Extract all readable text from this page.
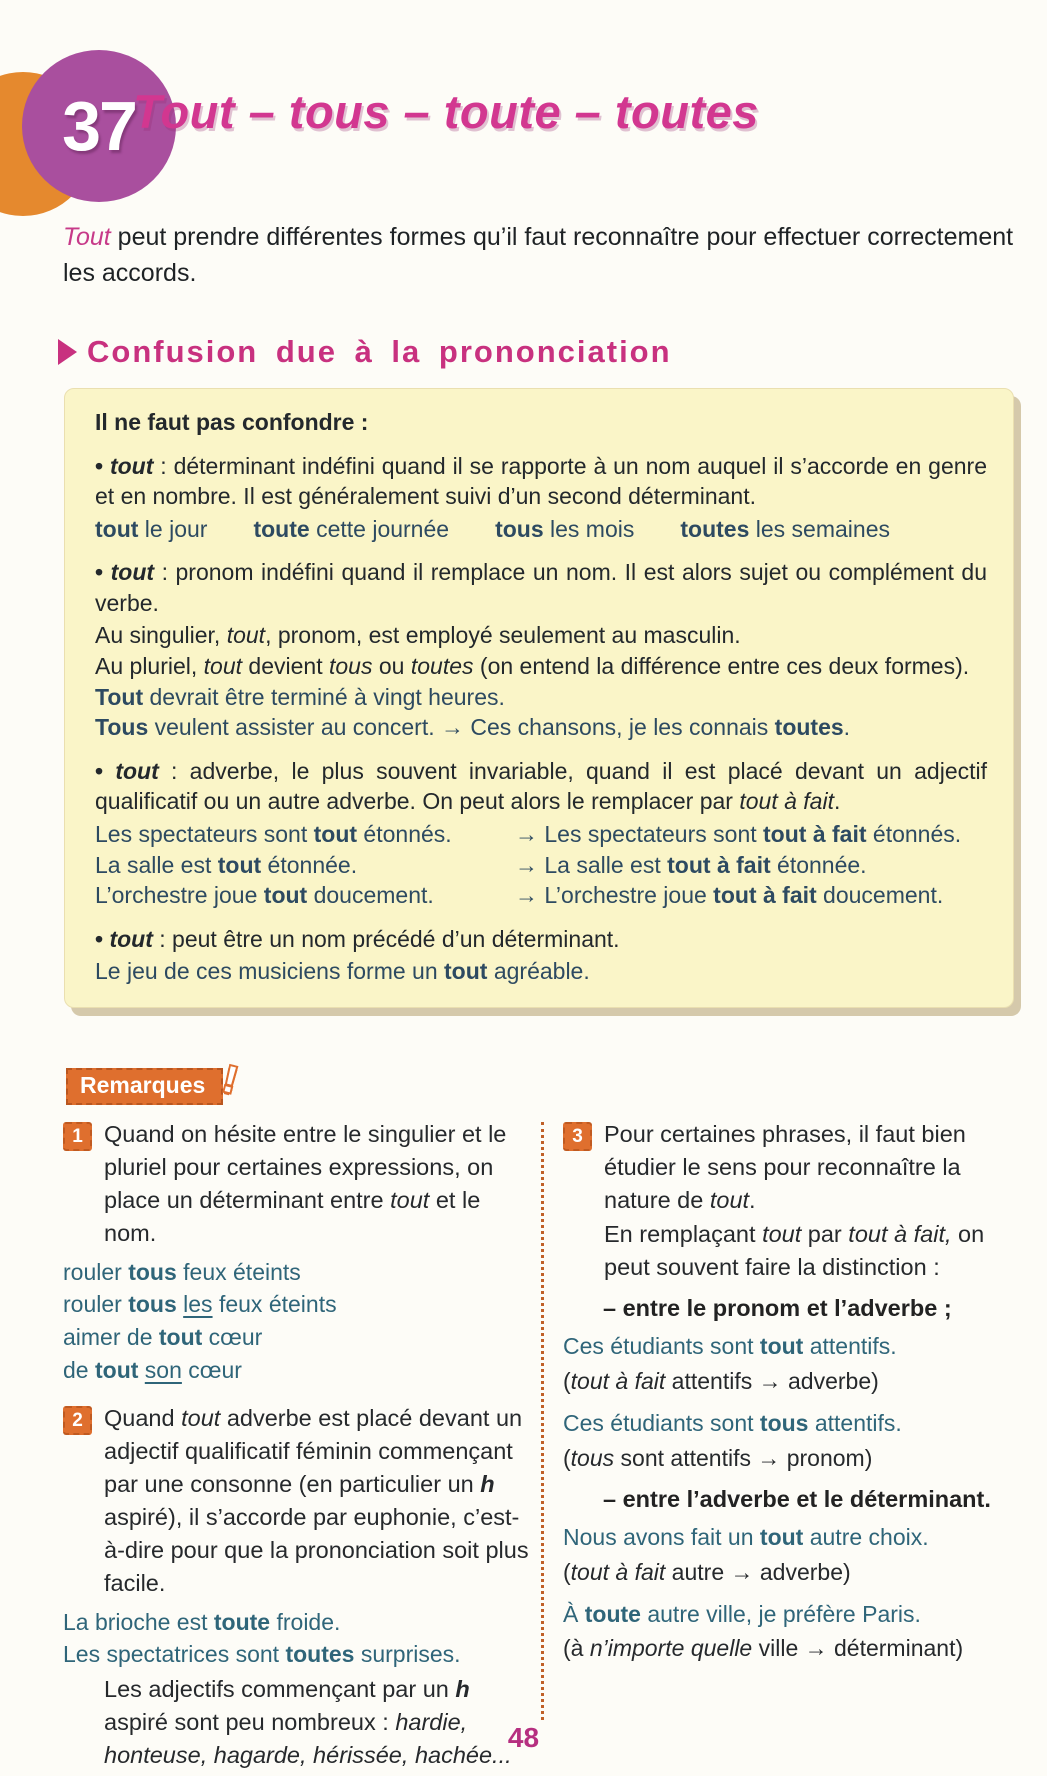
37
Tout – tous – toute – toutes

Tout peut prendre différentes formes qu’il faut reconnaître pour effectuer correctement les accords.

Confusion due à la prononciation

Il ne faut pas confondre :

• tout : déterminant indéfini quand il se rapporte à un nom auquel il s’accorde en genre et en nombre. Il est généralement suivi d’un second déterminant.

tout le jour toute cette journée tous les mois toutes les semaines

• tout : pronom indéfini quand il remplace un nom. Il est alors sujet ou complément du verbe.

Au singulier, tout, pronom, est employé seulement au masculin.

Au pluriel, tout devient tous ou toutes (on entend la différence entre ces deux formes).

Tout devrait être terminé à vingt heures.

Tous veulent assister au concert. → Ces chansons, je les connais toutes.

• tout : adverbe, le plus souvent invariable, quand il est placé devant un adjectif qualificatif ou un autre adverbe. On peut alors le remplacer par tout à fait.

Les spectateurs sont tout étonnés.	→ Les spectateurs sont tout à fait étonnés.
La salle est tout étonnée.	→ La salle est tout à fait étonnée.
L’orchestre joue tout doucement.	→ L’orchestre joue tout à fait doucement.

• tout : peut être un nom précédé d’un déterminant.

Le jeu de ces musiciens forme un tout agréable.

Remarques !
1 Quand on hésite entre le singulier et le pluriel pour certaines expressions, on place un déterminant entre tout et le nom.

rouler tous feux éteints

rouler tous les feux éteints

aimer de tout cœur

de tout son cœur

2 Quand tout adverbe est placé devant un adjectif qualificatif féminin commençant par une consonne (en particulier un h aspiré), il s’accorde par euphonie, c’est-à-dire pour que la prononciation soit plus facile.

La brioche est toute froide.

Les spectatrices sont toutes surprises.

Les adjectifs commençant par un h aspiré sont peu nombreux : hardie, honteuse, hagarde, hérissée, hachée...

3 Pour certaines phrases, il faut bien étudier le sens pour reconnaître la nature de tout.

En remplaçant tout par tout à fait, on peut souvent faire la distinction :

– entre le pronom et l’adverbe ;

Ces étudiants sont tout attentifs.

(tout à fait attentifs → adverbe)

Ces étudiants sont tous attentifs.

(tous sont attentifs → pronom)

– entre l’adverbe et le déterminant.

Nous avons fait un tout autre choix.

(tout à fait autre → adverbe)

À toute autre ville, je préfère Paris.

(à n’importe quelle ville → déterminant)

48
